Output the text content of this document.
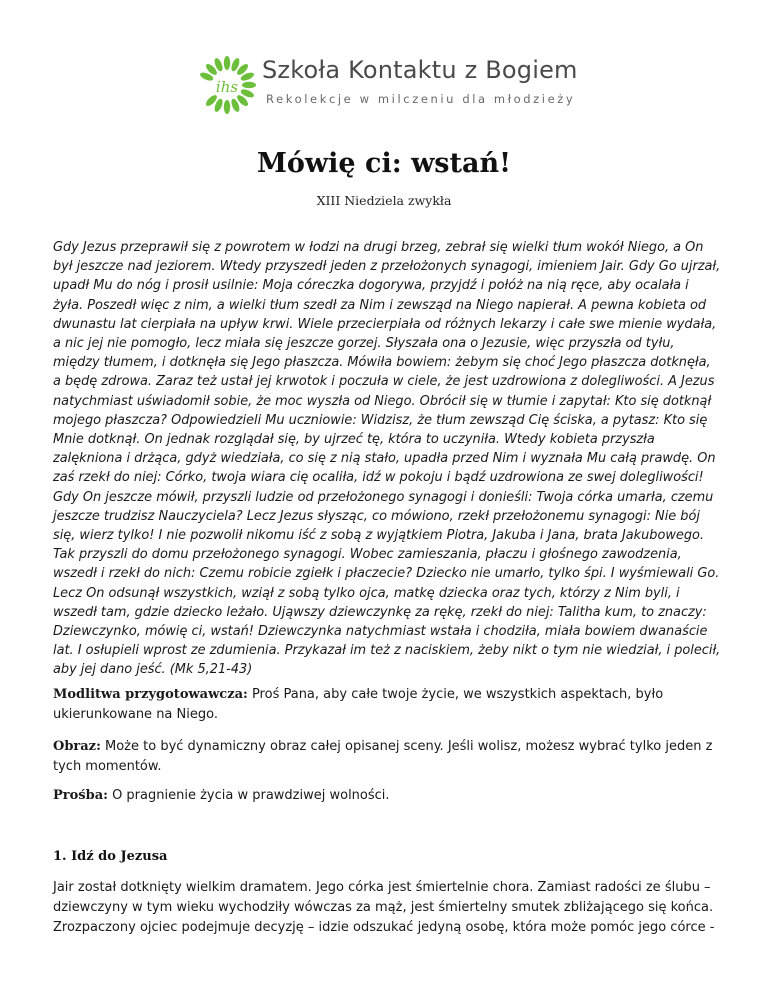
ihs
Szkoła Kontaktu z Bogiem
Rekolekcje w milczeniu dla młodzieży
Mówię ci: wstań!
XIII Niedziela zwykła

Gdy Jezus przeprawił się z powrotem w łodzi na drugi brzeg, zebrał się wielki tłum wokół Niego, a On był jeszcze nad jeziorem. Wtedy przyszedł jeden z przełożonych synagogi, imieniem Jair. Gdy Go ujrzał, upadł Mu do nóg i prosił usilnie: Moja córeczka dogorywa, przyjdź i połóż na nią ręce, aby ocalała i żyła. Poszedł więc z nim, a wielki tłum szedł za Nim i zewsząd na Niego napierał. A pewna kobieta od dwunastu lat cierpiała na upływ krwi. Wiele przecierpiała od różnych lekarzy i całe swe mienie wydała, a nic jej nie pomogło, lecz miała się jeszcze gorzej. Słyszała ona o Jezusie, więc przyszła od tyłu, między tłumem, i dotknęła się Jego płaszcza. Mówiła bowiem: żebym się choć Jego płaszcza dotknęła, a będę zdrowa. Zaraz też ustał jej krwotok i poczuła w ciele, że jest uzdrowiona z dolegliwości. A Jezus natychmiast uświadomił sobie, że moc wyszła od Niego. Obrócił się w tłumie i zapytał: Kto się dotknął mojego płaszcza? Odpowiedzieli Mu uczniowie: Widzisz, że tłum zewsząd Cię ściska, a pytasz: Kto się Mnie dotknął. On jednak rozglądał się, by ujrzeć tę, która to uczyniła. Wtedy kobieta przyszła zalękniona i drżąca, gdyż wiedziała, co się z nią stało, upadła przed Nim i wyznała Mu całą prawdę. On zaś rzekł do niej: Córko, twoja wiara cię ocaliła, idź w pokoju i bądź uzdrowiona ze swej dolegliwości! Gdy On jeszcze mówił, przyszli ludzie od przełożonego synagogi i donieśli: Twoja córka umarła, czemu jeszcze trudzisz Nauczyciela? Lecz Jezus słysząc, co mówiono, rzekł przełożonemu synagogi: Nie bój się, wierz tylko! I nie pozwolił nikomu iść z sobą z wyjątkiem Piotra, Jakuba i Jana, brata Jakubowego. Tak przyszli do domu przełożonego synagogi. Wobec zamieszania, płaczu i głośnego zawodzenia, wszedł i rzekł do nich: Czemu robicie zgiełk i płaczecie? Dziecko nie umarło, tylko śpi. I wyśmiewali Go. Lecz On odsunął wszystkich, wziął z sobą tylko ojca, matkę dziecka oraz tych, którzy z Nim byli, i wszedł tam, gdzie dziecko leżało. Ująwszy dziewczynkę za rękę, rzekł do niej: Talitha kum, to znaczy: Dziewczynko, mówię ci, wstań! Dziewczynka natychmiast wstała i chodziła, miała bowiem dwanaście lat. I osłupieli wprost ze zdumienia. Przykazał im też z naciskiem, żeby nikt o tym nie wiedział, i polecił, aby jej dano jeść. (Mk 5,21-43)

Modlitwa przygotowawcza: Proś Pana, aby całe twoje życie, we wszystkich aspektach, było ukierunkowane na Niego.

Obraz: Może to być dynamiczny obraz całej opisanej sceny. Jeśli wolisz, możesz wybrać tylko jeden z tych momentów.

Prośba: O pragnienie życia w prawdziwej wolności.

1. Idź do Jezusa

Jair został dotknięty wielkim dramatem. Jego córka jest śmiertelnie chora. Zamiast radości ze ślubu – dziewczyny w tym wieku wychodziły wówczas za mąż, jest śmiertelny smutek zbliżającego się końca. Zrozpaczony ojciec podejmuje decyzję – idzie odszukać jedyną osobę, która może pomóc jego córce -
